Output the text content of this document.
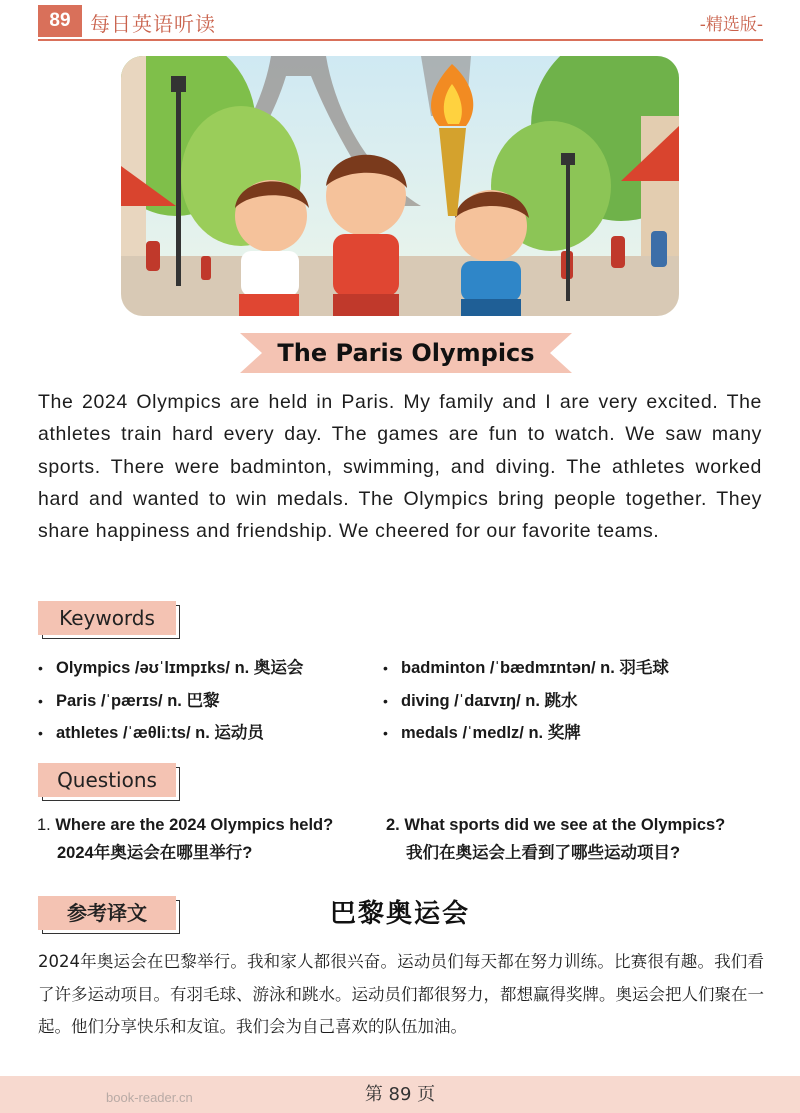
89 每日英语听读	-精选版-
The Paris Olympics

The 2024 Olympics are held in Paris. My family and I are very excited. The athletes train hard every day. The games are fun to watch. We saw many sports. There were badminton, swimming, and diving. The athletes worked hard and wanted to win medals. The Olympics bring people together. They share happiness and friendship. We cheered for our favorite teams.

Keywords
• Olympics /əʊˈlɪmpɪks/ n. 奥运会
• Paris /ˈpærɪs/ n. 巴黎
• athletes /ˈæθliːts/ n. 运动员
• badminton /ˈbædmɪntən/ n. 羽毛球
• diving /ˈdaɪvɪŋ/ n. 跳水
• medals /ˈmedlz/ n. 奖牌
Questions
1. Where are the 2024 Olympics held?
2024年奥运会在哪里举行?
2. What sports did we see at the Olympics?
我们在奥运会上看到了哪些运动项目?
参考译文	巴黎奥运会

2024年奥运会在巴黎举行。我和家人都很兴奋。运动员们每天都在努力训练。比赛很有趣。我们看了许多运动项目。有羽毛球、游泳和跳水。运动员们都很努力，都想赢得奖牌。奥运会把人们聚在一起。他们分享快乐和友谊。我们会为自己喜欢的队伍加油。

book-reader.cn	第 89 页
